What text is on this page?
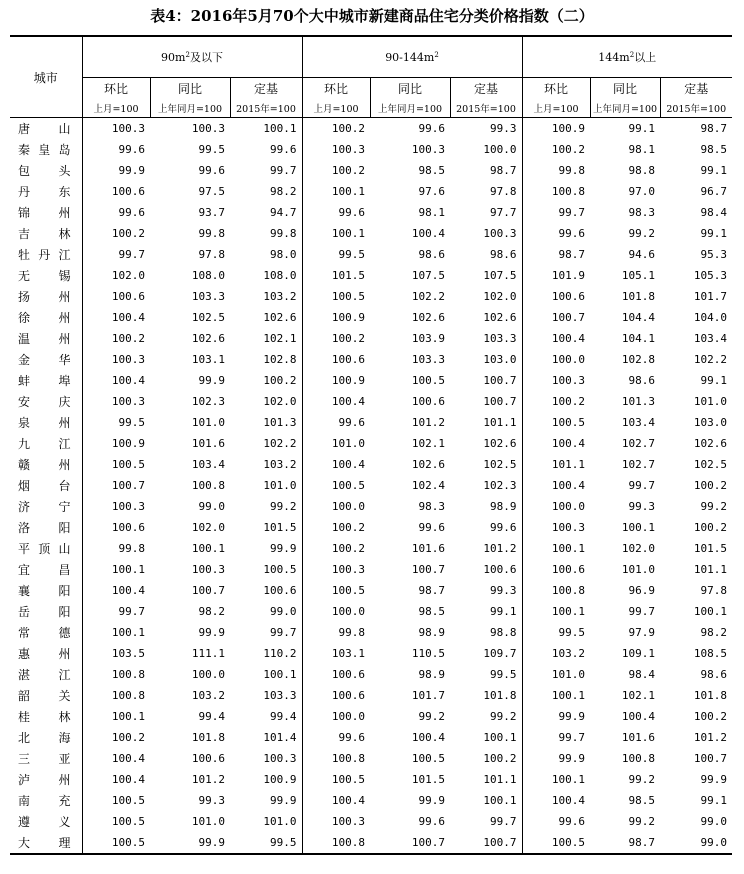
表4：2016年5月70个大中城市新建商品住宅分类价格指数（二）
城市	$90m^2$及以下			$90-144m^2$			$144m^2$以上		
	环比	同比	定基	环比	同比	定基	环比	同比	定基
	上月=100	上年同月=100	2015年=100	上月=100	上年同月=100	2015年=100	上月=100	上年同月=100	2015年=100
唐山	100.3	100.3	100.1	100.2	99.6	99.3	100.9	99.1	98.7
秦皇岛	99.6	99.5	99.6	100.3	100.3	100.0	100.2	98.1	98.5
包头	99.9	99.6	99.7	100.2	98.5	98.7	99.8	98.8	99.1
丹东	100.6	97.5	98.2	100.1	97.6	97.8	100.8	97.0	96.7
锦州	99.6	93.7	94.7	99.6	98.1	97.7	99.7	98.3	98.4
吉林	100.2	99.8	99.8	100.1	100.4	100.3	99.6	99.2	99.1
牡丹江	99.7	97.8	98.0	99.5	98.6	98.6	98.7	94.6	95.3
无锡	102.0	108.0	108.0	101.5	107.5	107.5	101.9	105.1	105.3
扬州	100.6	103.3	103.2	100.5	102.2	102.0	100.6	101.8	101.7
徐州	100.4	102.5	102.6	100.9	102.6	102.6	100.7	104.4	104.0
温州	100.2	102.6	102.1	100.2	103.9	103.3	100.4	104.1	103.4
金华	100.3	103.1	102.8	100.6	103.3	103.0	100.0	102.8	102.2
蚌埠	100.4	99.9	100.2	100.9	100.5	100.7	100.3	98.6	99.1
安庆	100.3	102.3	102.0	100.4	100.6	100.7	100.2	101.3	101.0
泉州	99.5	101.0	101.3	99.6	101.2	101.1	100.5	103.4	103.0
九江	100.9	101.6	102.2	101.0	102.1	102.6	100.4	102.7	102.6
赣州	100.5	103.4	103.2	100.4	102.6	102.5	101.1	102.7	102.5
烟台	100.7	100.8	101.0	100.5	102.4	102.3	100.4	99.7	100.2
济宁	100.3	99.0	99.2	100.0	98.3	98.9	100.0	99.3	99.2
洛阳	100.6	102.0	101.5	100.2	99.6	99.6	100.3	100.1	100.2
平顶山	99.8	100.1	99.9	100.2	101.6	101.2	100.1	102.0	101.5
宜昌	100.1	100.3	100.5	100.3	100.7	100.6	100.6	101.0	101.1
襄阳	100.4	100.7	100.6	100.5	98.7	99.3	100.8	96.9	97.8
岳阳	99.7	98.2	99.0	100.0	98.5	99.1	100.1	99.7	100.1
常德	100.1	99.9	99.7	99.8	98.9	98.8	99.5	97.9	98.2
惠州	103.5	111.1	110.2	103.1	110.5	109.7	103.2	109.1	108.5
湛江	100.8	100.0	100.1	100.6	98.9	99.5	101.0	98.4	98.6
韶关	100.8	103.2	103.3	100.6	101.7	101.8	100.1	102.1	101.8
桂林	100.1	99.4	99.4	100.0	99.2	99.2	99.9	100.4	100.2
北海	100.2	101.8	101.4	99.6	100.4	100.1	99.7	101.6	101.2
三亚	100.4	100.6	100.3	100.8	100.5	100.2	99.9	100.8	100.7
泸州	100.4	101.2	100.9	100.5	101.5	101.1	100.1	99.2	99.9
南充	100.5	99.3	99.9	100.4	99.9	100.1	100.4	98.5	99.1
遵义	100.5	101.0	101.0	100.3	99.6	99.7	99.6	99.2	99.0
大理	100.5	99.9	99.5	100.8	100.7	100.7	100.5	98.7	99.0
